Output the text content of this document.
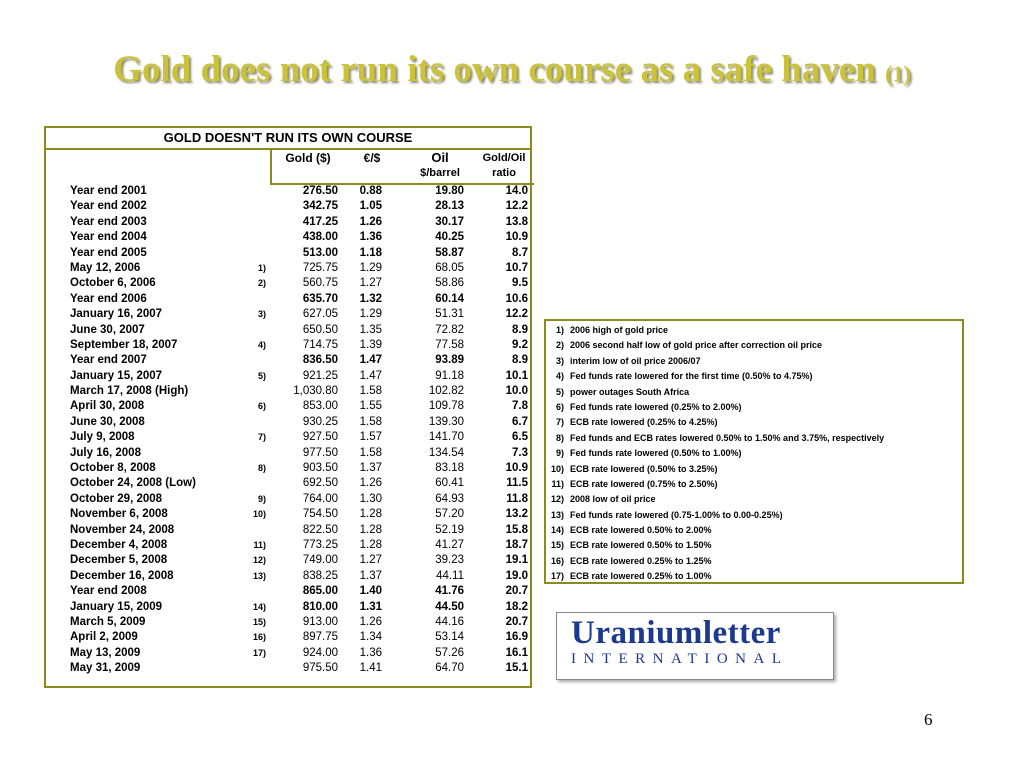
Gold does not run its own course as a safe haven (1)
GOLD DOESN'T RUN ITS OWN COURSE
Gold ($)	€/$	Oil
$/barrel
Gold/Oil
ratio
Year end 2001	276.50 0.88	19.80	14.0
Year end 2002	342.75 1.05	28.13	12.2
Year end 2003	417.25 1.26	30.17	13.8
Year end 2004	438.00 1.36	40.25	10.9
Year end 2005	513.00 1.18	58.87	8.7
May 12, 2006	1)	725.75 1.29	68.05	10.7
October 6, 2006	2)	560.75 1.27	58.86	9.5
Year end 2006	635.70 1.32	60.14	10.6
January 16, 2007	3)	627.05 1.29	51.31	12.2
June 30, 2007	650.50 1.35	72.82	8.9
September 18, 2007	4)	714.75 1.39	77.58	9.2
Year end 2007	836.50 1.47	93.89	8.9
January 15, 2007	5)	921.25 1.47	91.18	10.1
March 17, 2008 (High)	1,030.80 1.58	102.82	10.0
April 30, 2008	6)	853.00 1.55	109.78	7.8
June 30, 2008	930.25 1.58	139.30	6.7
July 9, 2008	7)	927.50 1.57	141.70	6.5
July 16, 2008	977.50 1.58	134.54	7.3
October 8, 2008	8)	903.50 1.37	83.18	10.9
October 24, 2008 (Low)	692.50 1.26	60.41	11.5
October 29, 2008	9)	764.00 1.30	64.93	11.8
November 6, 2008	10)	754.50 1.28	57.20	13.2
November 24, 2008	822.50 1.28	52.19	15.8
December 4, 2008	11)	773.25 1.28	41.27	18.7
December 5, 2008	12)	749.00 1.27	39.23	19.1
December 16, 2008	13)	838.25 1.37	44.11	19.0
Year end 2008	865.00 1.40	41.76	20.7
January 15, 2009	14)	810.00 1.31	44.50	18.2
March 5, 2009	15)	913.00 1.26	44.16	20.7
April 2, 2009	16)	897.75 1.34	53.14	16.9
May 13, 2009	17)	924.00 1.36	57.26	16.1
May 31, 2009	975.50 1.41	64.70	15.1
1) 2006 high of gold price
2) 2006 second half low of gold price after correction oil price
3) interim low of oil price 2006/07
4) Fed funds rate lowered for the first time (0.50% to 4.75%)
5) power outages South Africa
6) Fed funds rate lowered (0.25% to 2.00%)
7) ECB rate lowered (0.25% to 4.25%)
8) Fed funds and ECB rates lowered 0.50% to 1.50% and 3.75%, respectively
9) Fed funds rate lowered (0.50% to 1.00%)
10) ECB rate lowered (0.50% to 3.25%)
11) ECB rate lowered (0.75% to 2.50%)
12) 2008 low of oil price
13) Fed funds rate lowered (0.75-1.00% to 0.00-0.25%)
14) ECB rate lowered 0.50% to 2.00%
15) ECB rate lowered 0.50% to 1.50%
16) ECB rate lowered 0.25% to 1.25%
17) ECB rate lowered 0.25% to 1.00%
Uraniumletter
INTERNATIONAL
6
